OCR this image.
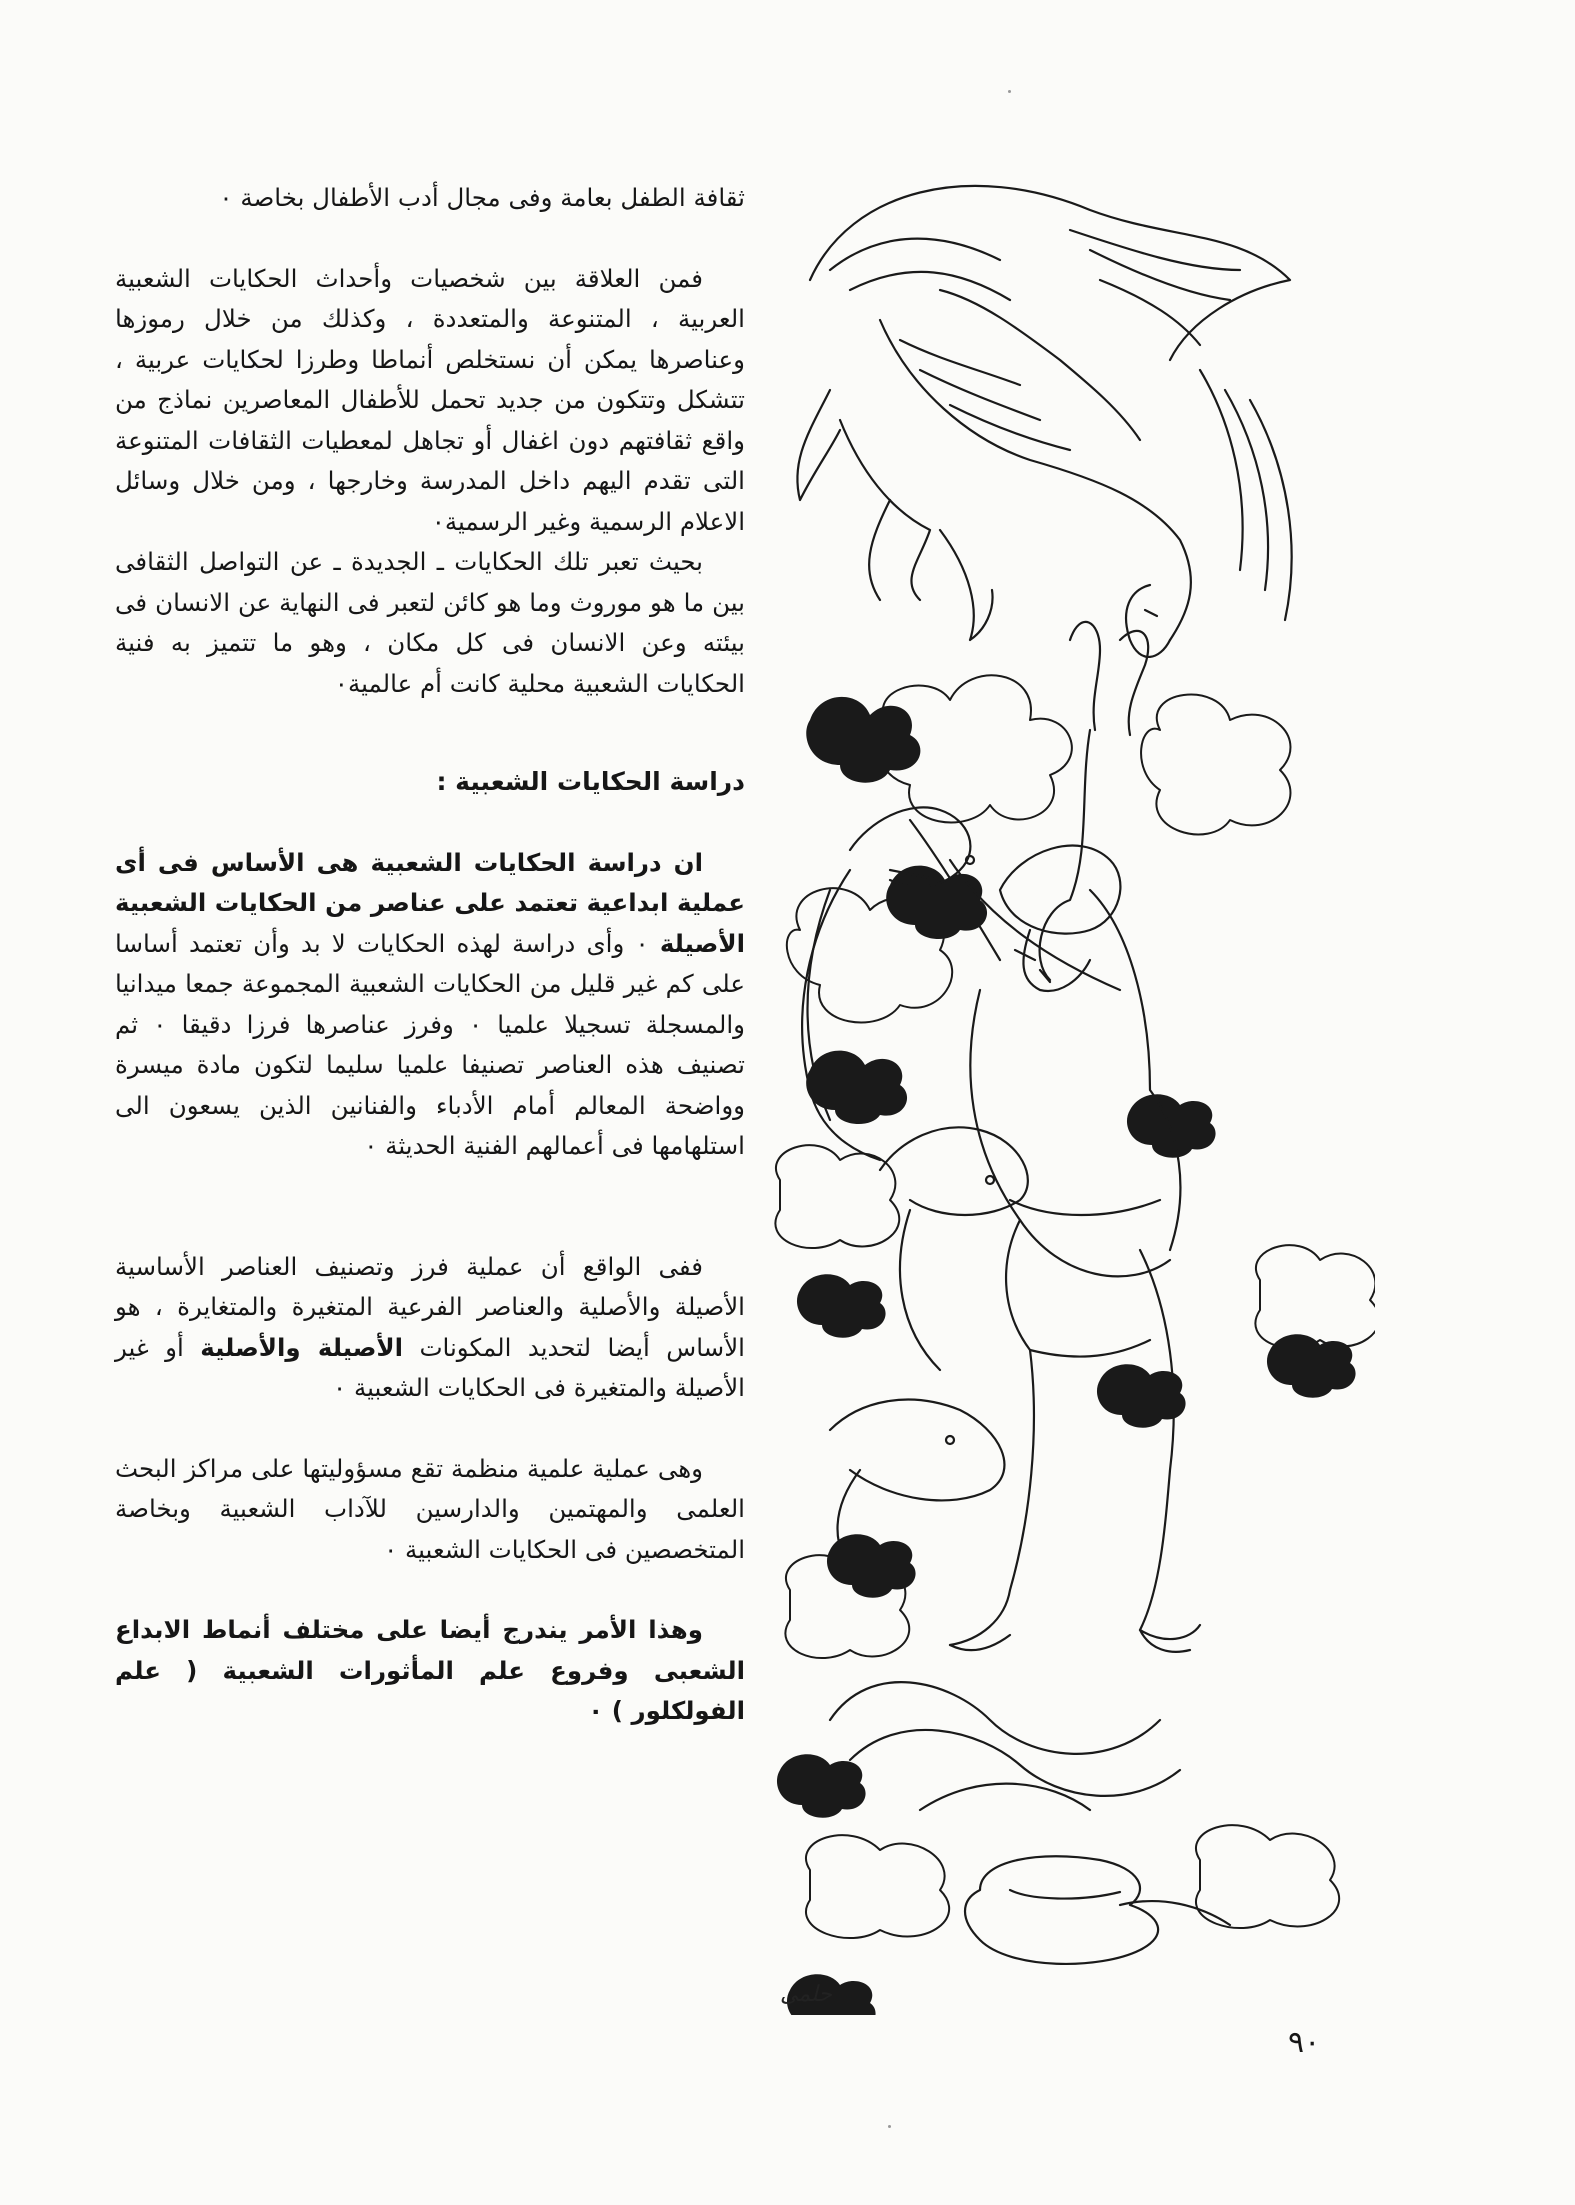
ثقافة الطفل بعامة وفى مجال أدب الأطفال بخاصة ٠

فمن العلاقة بين شخصيات وأحداث الحكايات الشعبية العربية ، المتنوعة والمتعددة ، وكذلك من خلال رموزها وعناصرها يمكن أن نستخلص أنماطا وطرزا لحكايات عربية ، تتشكل وتتكون من جديد تحمل للأطفال المعاصرين نماذج من واقع ثقافتهم دون اغفال أو تجاهل لمعطيات الثقافات المتنوعة التى تقدم اليهم داخل المدرسة وخارجها ، ومن خلال وسائل الاعلام الرسمية وغير الرسمية٠

بحيث تعبر تلك الحكايات ـ الجديدة ـ عن التواصل الثقافى بين ما هو موروث وما هو كائن لتعبر فى النهاية عن الانسان فى بيئته وعن الانسان فى كل مكان ، وهو ما تتميز به فنية الحكايات الشعبية محلية كانت أم عالمية٠

دراسة الحكايات الشعبية :

ان دراسة الحكايات الشعبية هى الأساس فى أى عملية ابداعية تعتمد على عناصر من الحكايات الشعبية الأصيلة ٠ وأى دراسة لهذه الحكايات لا بد وأن تعتمد أساسا على كم غير قليل من الحكايات الشعبية المجموعة جمعا ميدانيا والمسجلة تسجيلا علميا ٠ وفرز عناصرها فرزا دقيقا ٠ ثم تصنيف هذه العناصر تصنيفا علميا سليما لتكون مادة ميسرة وواضحة المعالم أمام الأدباء والفنانين الذين يسعون الى استلهامها فى أعمالهم الفنية الحديثة ٠

ففى الواقع أن عملية فرز وتصنيف العناصر الأساسية الأصيلة والأصلية والعناصر الفرعية المتغيرة والمتغايرة ، هو الأساس أيضا لتحديد المكونات الأصيلة والأصلية أو غير الأصيلة والمتغيرة فى الحكايات الشعبية ٠

وهى عملية علمية منظمة تقع مسؤوليتها على مراكز البحث العلمى والمهتمين والدارسين للآداب الشعبية وبخاصة المتخصصين فى الحكايات الشعبية ٠

وهذا الأمر يندرج أيضا على مختلف أنماط الابداع الشعبى وفروع علم المأثورات الشعبية ( علم الفولكلور ) ٠

حلمى
٩٠
